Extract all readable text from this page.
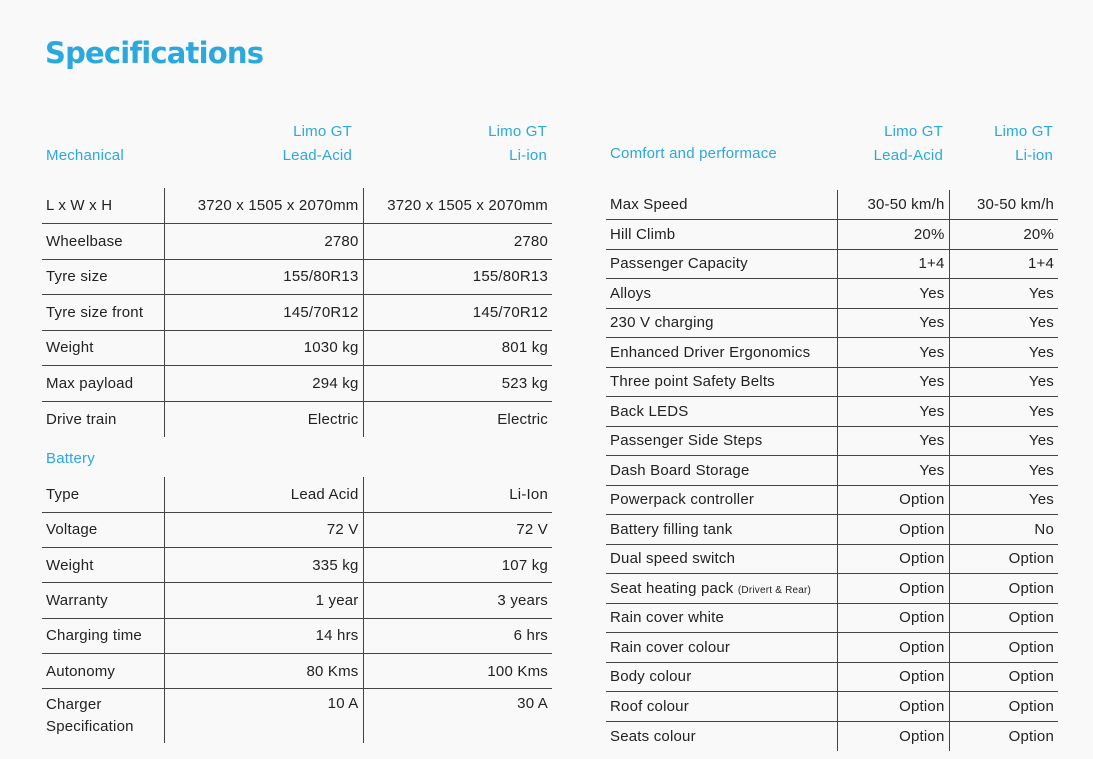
Specifications
Mechanical
Limo GT
Lead-Acid
Limo GT
Li-ion
L x W x H	3720 x 1505 x 2070mm	3720 x 1505 x 2070mm
Wheelbase	2780	2780
Tyre size	155/80R13	155/80R13
Tyre size front	145/70R12	145/70R12
Weight	1030 kg	801 kg
Max payload	294 kg	523 kg
Drive train	Electric	Electric
Battery
Type	Lead Acid	Li-Ion
Voltage	72 V	72 V
Weight	335 kg	107 kg
Warranty	1 year	3 years
Charging time	14 hrs	6 hrs
Autonomy	80 Kms	100 Kms
Charger Specification	10 A	30 A
Comfort and performace
Limo GT
Lead-Acid
Limo GT
Li-ion
Max Speed	30-50 km/h	30-50 km/h
Hill Climb	20%	20%
Passenger Capacity	1+4	1+4
Alloys	Yes	Yes
230 V charging	Yes	Yes
Enhanced Driver Ergonomics	Yes	Yes
Three point Safety Belts	Yes	Yes
Back LEDS	Yes	Yes
Passenger Side Steps	Yes	Yes
Dash Board Storage	Yes	Yes
Powerpack controller	Option	Yes
Battery filling tank	Option	No
Dual speed switch	Option	Option
Seat heating pack (Drivert & Rear)	Option	Option
Rain cover white	Option	Option
Rain cover colour	Option	Option
Body colour	Option	Option
Roof colour	Option	Option
Seats colour	Option	Option
